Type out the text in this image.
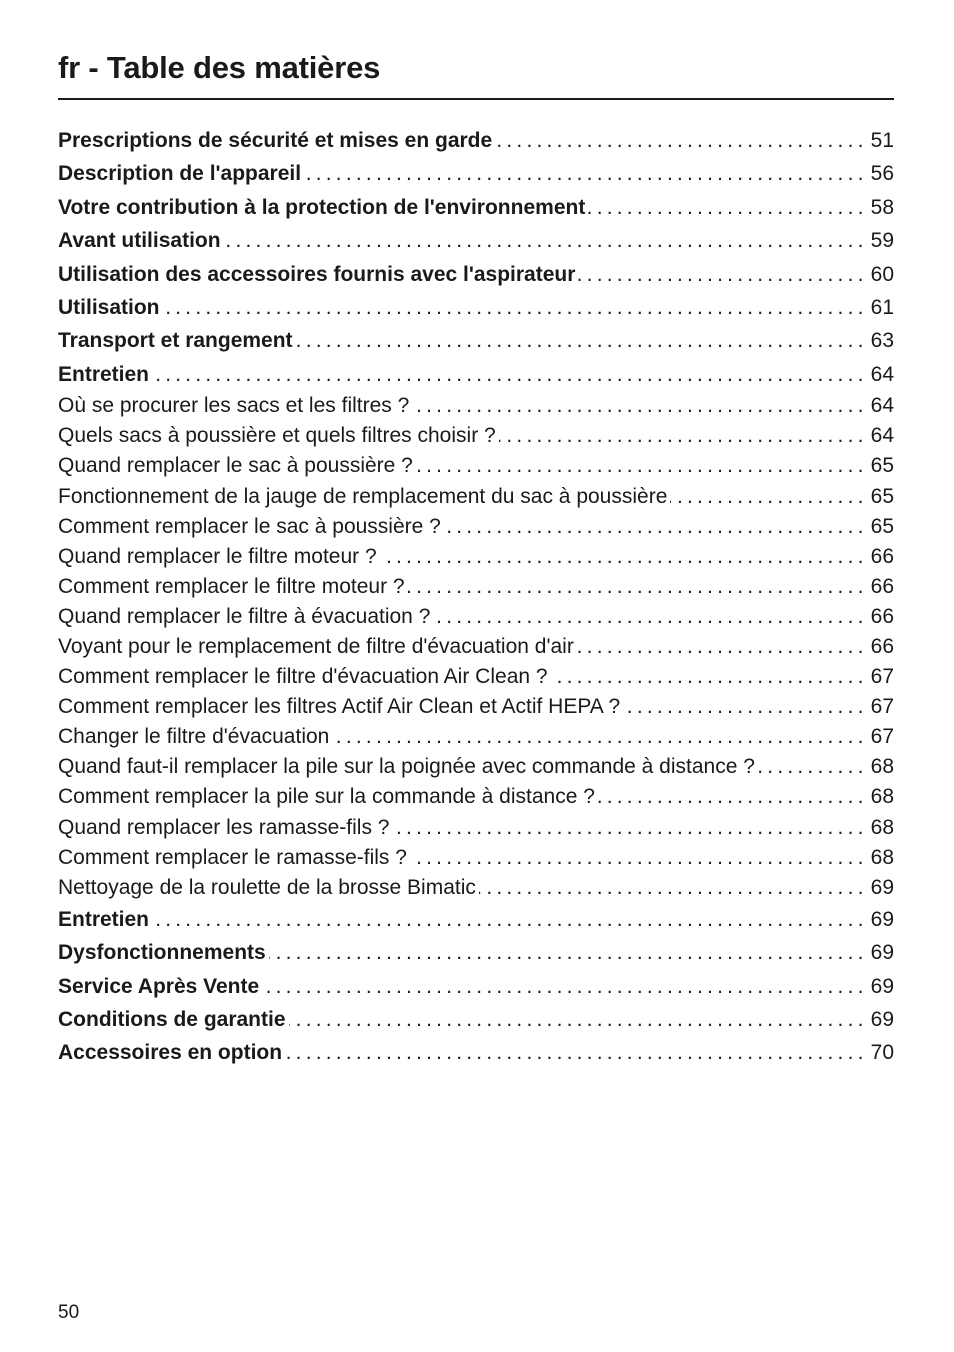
fr - Table des matières
Prescriptions de sécurité et mises en garde .....	51
Description de l'appareil .....	56
Votre contribution à la protection de l'environnement .....	58
Avant utilisation .....	59
Utilisation des accessoires fournis avec l'aspirateur .....	60
Utilisation .....	61
Transport et rangement .....	63
Entretien .....	64
Où se procurer les sacs et les filtres ? .....	64
Quels sacs à poussière et quels filtres choisir ? .....	64
Quand remplacer le sac à poussière ? .....	65
Fonctionnement de la jauge de remplacement du sac à poussière .....	65
Comment remplacer le sac à poussière ? .....	65
Quand remplacer le filtre moteur ? .....	66
Comment remplacer le filtre moteur ? .....	66
Quand remplacer le filtre à évacuation ? .....	66
Voyant pour le remplacement de filtre d'évacuation d'air .....	66
Comment remplacer le filtre d'évacuation Air Clean ? .....	67
Comment remplacer les filtres Actif Air Clean et Actif HEPA ? .....	67
Changer le filtre d'évacuation .....	67
Quand faut-il remplacer la pile sur la poignée avec commande à distance ? .....	68
Comment remplacer la pile sur la commande à distance ? .....	68
Quand remplacer les ramasse-fils ? .....	68
Comment remplacer le ramasse-fils ? .....	68
Nettoyage de la roulette de la brosse Bimatic .....	69
Entretien .....	69
Dysfonctionnements .....	69
Service Après Vente .....	69
Conditions de garantie .....	69
Accessoires en option .....	70
50
